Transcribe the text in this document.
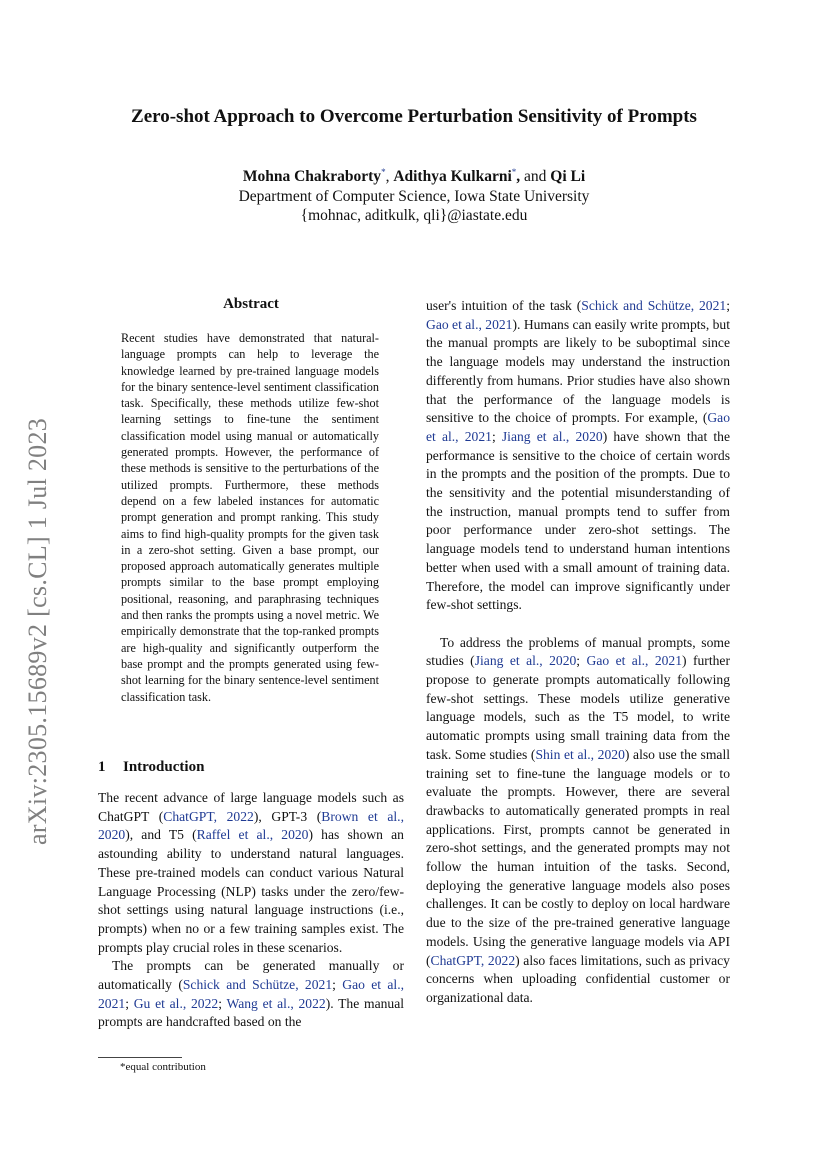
arXiv:2305.15689v2 [cs.CL] 1 Jul 2023
Zero-shot Approach to Overcome Perturbation Sensitivity of Prompts
Mohna Chakraborty*, Adithya Kulkarni*, and Qi Li
Department of Computer Science, Iowa State University
{mohnac, aditkulk, qli}@iastate.edu
Abstract
Recent studies have demonstrated that natural-language prompts can help to leverage the knowledge learned by pre-trained language models for the binary sentence-level sentiment classification task. Specifically, these methods utilize few-shot learning settings to fine-tune the sentiment classification model using manual or automatically generated prompts. However, the performance of these methods is sensitive to the perturbations of the utilized prompts. Furthermore, these methods depend on a few labeled instances for automatic prompt generation and prompt ranking. This study aims to find high-quality prompts for the given task in a zero-shot setting. Given a base prompt, our proposed approach automatically generates multiple prompts similar to the base prompt employing positional, reasoning, and paraphrasing techniques and then ranks the prompts using a novel metric. We empirically demonstrate that the top-ranked prompts are high-quality and significantly outperform the base prompt and the prompts generated using few-shot learning for the binary sentence-level sentiment classification task.
1 Introduction

The recent advance of large language models such as ChatGPT (ChatGPT, 2022), GPT-3 (Brown et al., 2020), and T5 (Raffel et al., 2020) has shown an astounding ability to understand natural languages. These pre-trained models can conduct various Natural Language Processing (NLP) tasks under the zero/few-shot settings using natural language instructions (i.e., prompts) when no or a few training samples exist. The prompts play crucial roles in these scenarios.

The prompts can be generated manually or automatically (Schick and Schütze, 2021; Gao et al., 2021; Gu et al., 2022; Wang et al., 2022). The manual prompts are handcrafted based on the

user's intuition of the task (Schick and Schütze, 2021; Gao et al., 2021). Humans can easily write prompts, but the manual prompts are likely to be suboptimal since the language models may understand the instruction differently from humans. Prior studies have also shown that the performance of the language models is sensitive to the choice of prompts. For example, (Gao et al., 2021; Jiang et al., 2020) have shown that the performance is sensitive to the choice of certain words in the prompts and the position of the prompts. Due to the sensitivity and the potential misunderstanding of the instruction, manual prompts tend to suffer from poor performance under zero-shot settings. The language models tend to understand human intentions better when used with a small amount of training data. Therefore, the model can improve significantly under few-shot settings.

To address the problems of manual prompts, some studies (Jiang et al., 2020; Gao et al., 2021) further propose to generate prompts automatically following few-shot settings. These models utilize generative language models, such as the T5 model, to write automatic prompts using small training data from the task. Some studies (Shin et al., 2020) also use the small training set to fine-tune the language models or to evaluate the prompts. However, there are several drawbacks to automatically generated prompts in real applications. First, prompts cannot be generated in zero-shot settings, and the generated prompts may not follow the human intuition of the tasks. Second, deploying the generative language models also poses challenges. It can be costly to deploy on local hardware due to the size of the pre-trained generative language models. Using the generative language models via API (ChatGPT, 2022) also faces limitations, such as privacy concerns when uploading confidential customer or organizational data.

*equal contribution
